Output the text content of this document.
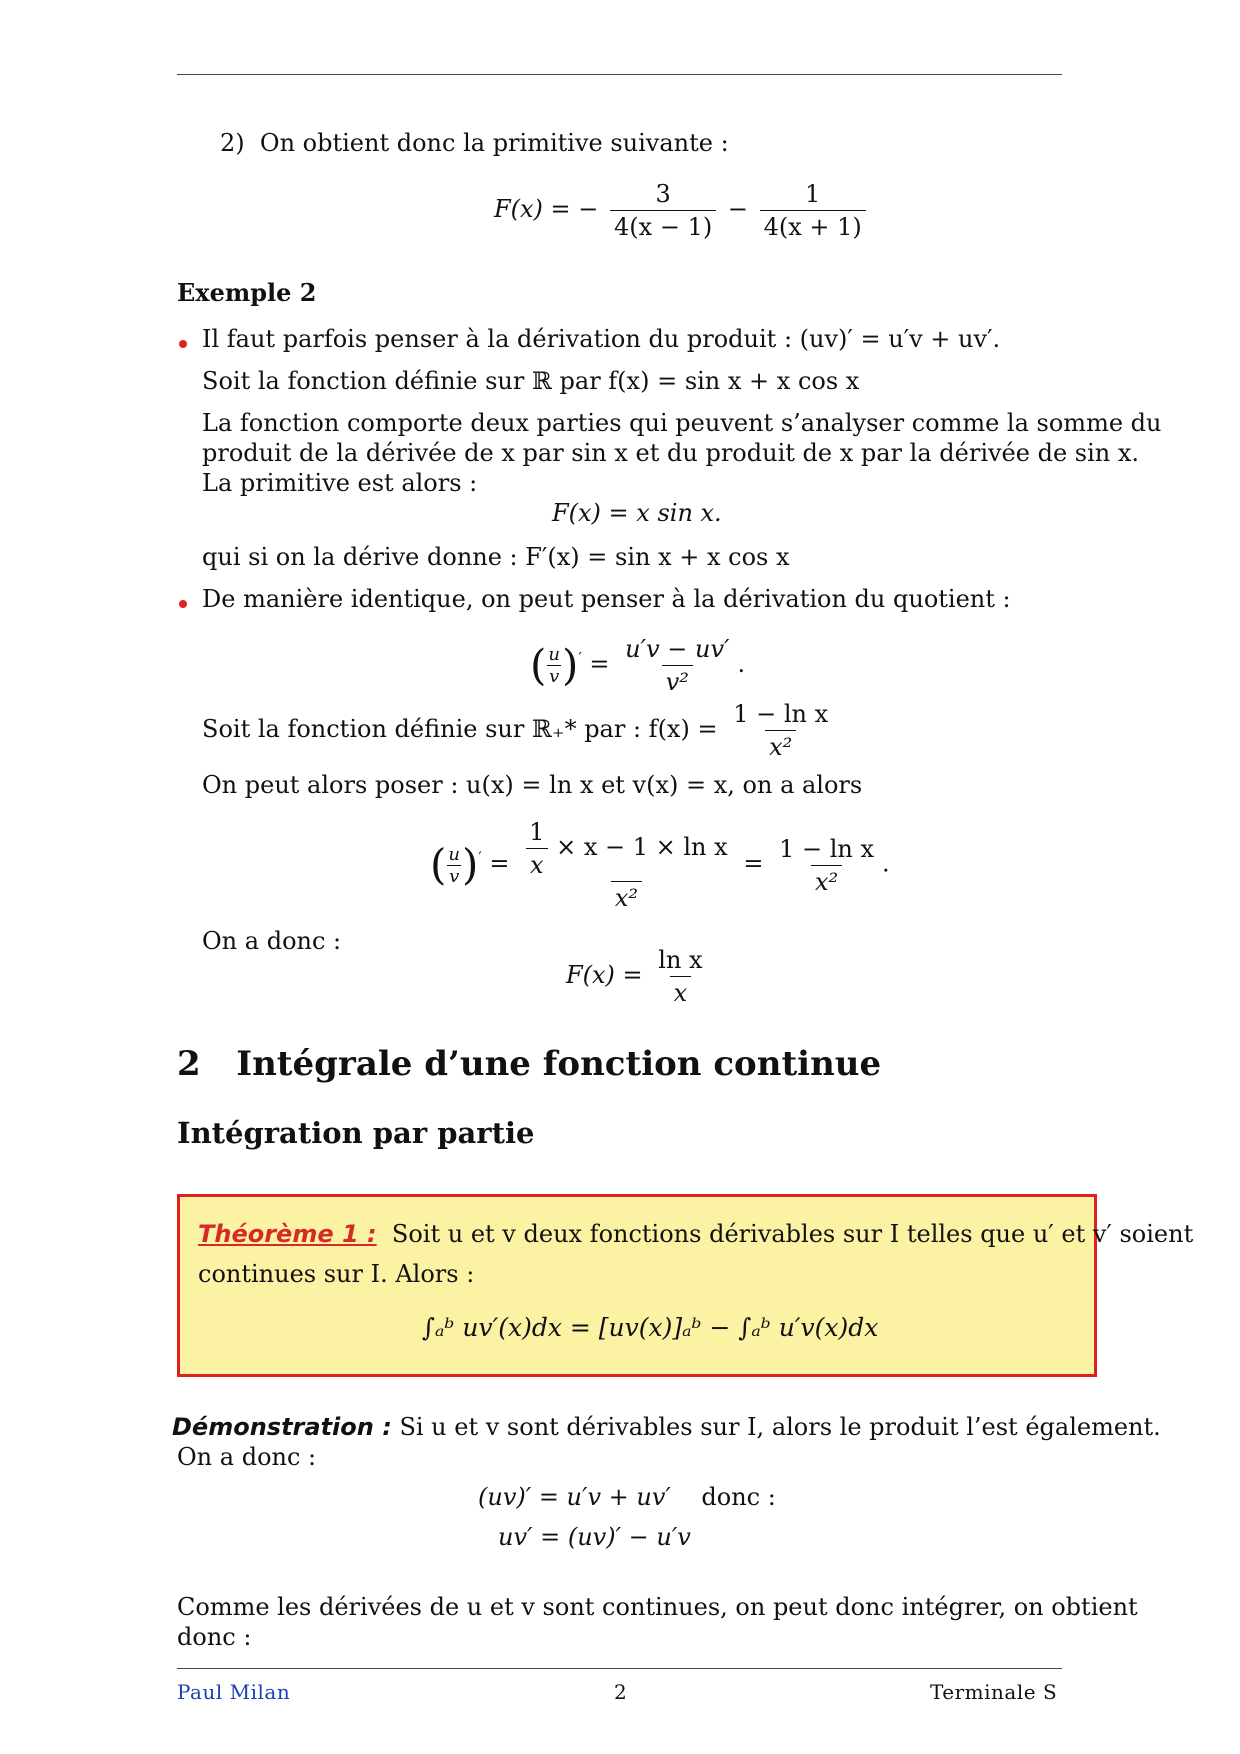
2) On obtient donc la primitive suivante :
F(x) = − $\frac{3}{4(x - 1)} - \frac{1}{4(x + 1)}$
Exemple 2
Il faut parfois penser à la dérivation du produit : (uv)′ = u′v + uv′.
Soit la fonction définie sur ℝ par f(x) = sin x + x cos x
La fonction comporte deux parties qui peuvent s’analyser comme la somme du
produit de la dérivée de x par sin x et du produit de x par la dérivée de sin x.
La primitive est alors :
F(x) = x sin x.
qui si on la dérive donne : F′(x) = sin x + x cos x
De manière identique, on peut penser à la dérivation du quotient :
( $\frac{u}{v} )' = \frac{u'v - uv'}{\text{v²}}$ .
Soit la fonction définie sur ℝ₊* par : $f(x) = \frac{\text{1 − ln x}}{\text{x²}}$
On peut alors poser : u(x) = ln x et v(x) = x, on a alors
( $\frac{u}{v} )' = \frac{\frac{1}{x} \times x - 1 \times \ln x}{\text{x²}} = \frac{\text{1 − ln x}}{\text{x²}}$ .
On a donc :
$F(x) = \frac{\text{ln x}}{x}$
2 Intégrale d’une fonction continue
Intégration par partie
Théorème 1 : Soit u et v deux fonctions dérivables sur I telles que u′ et v′ soient
continues sur I. Alors :
∫ₐᵇ uv′(x)dx = [uv(x)]ₐᵇ − ∫ₐᵇ u′v(x)dx
Démonstration : Si u et v sont dérivables sur I, alors le produit l’est également.
On a donc :
(uv)′ = u′v + uv′ donc :
uv′ = (uv)′ − u′v
Comme les dérivées de u et v sont continues, on peut donc intégrer, on obtient
donc :
Paul Milan	2	Terminale S
